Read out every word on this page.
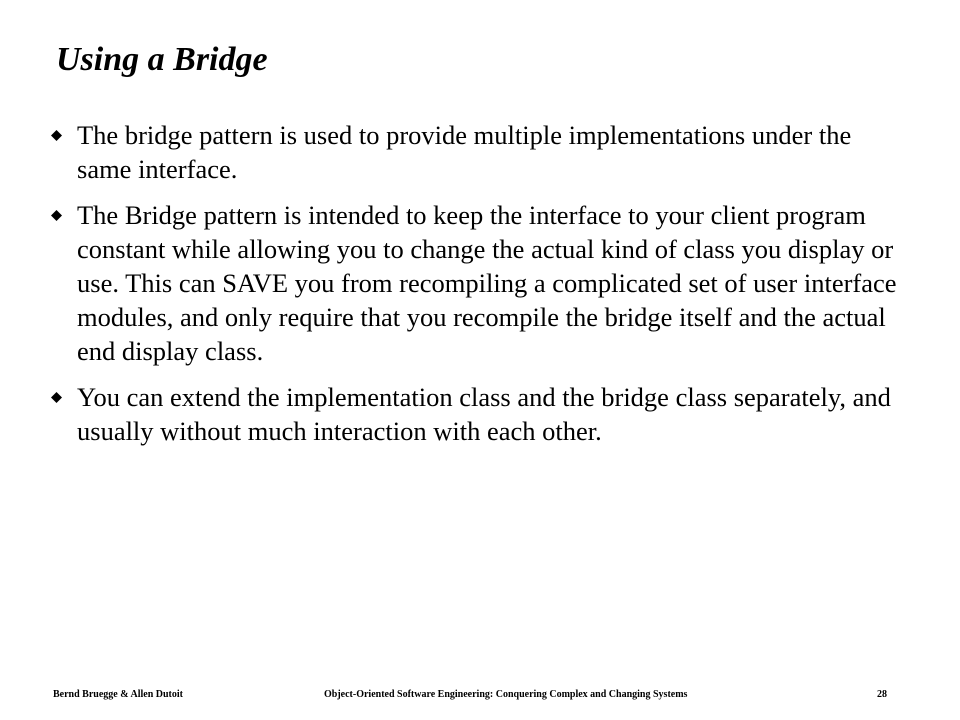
Using a Bridge
The bridge pattern is used to provide multiple implementations under the same interface.
The Bridge pattern is intended to keep the interface to your client program constant while allowing you to change the actual kind of class you display or use. This can SAVE you from recompiling a complicated set of user interface modules, and only require that you recompile the bridge itself and the actual end display class.
You can extend the implementation class and the bridge class separately, and usually without much interaction with each other.
Bernd Bruegge & Allen Dutoit	Object-Oriented Software Engineering: Conquering Complex and Changing Systems	28
